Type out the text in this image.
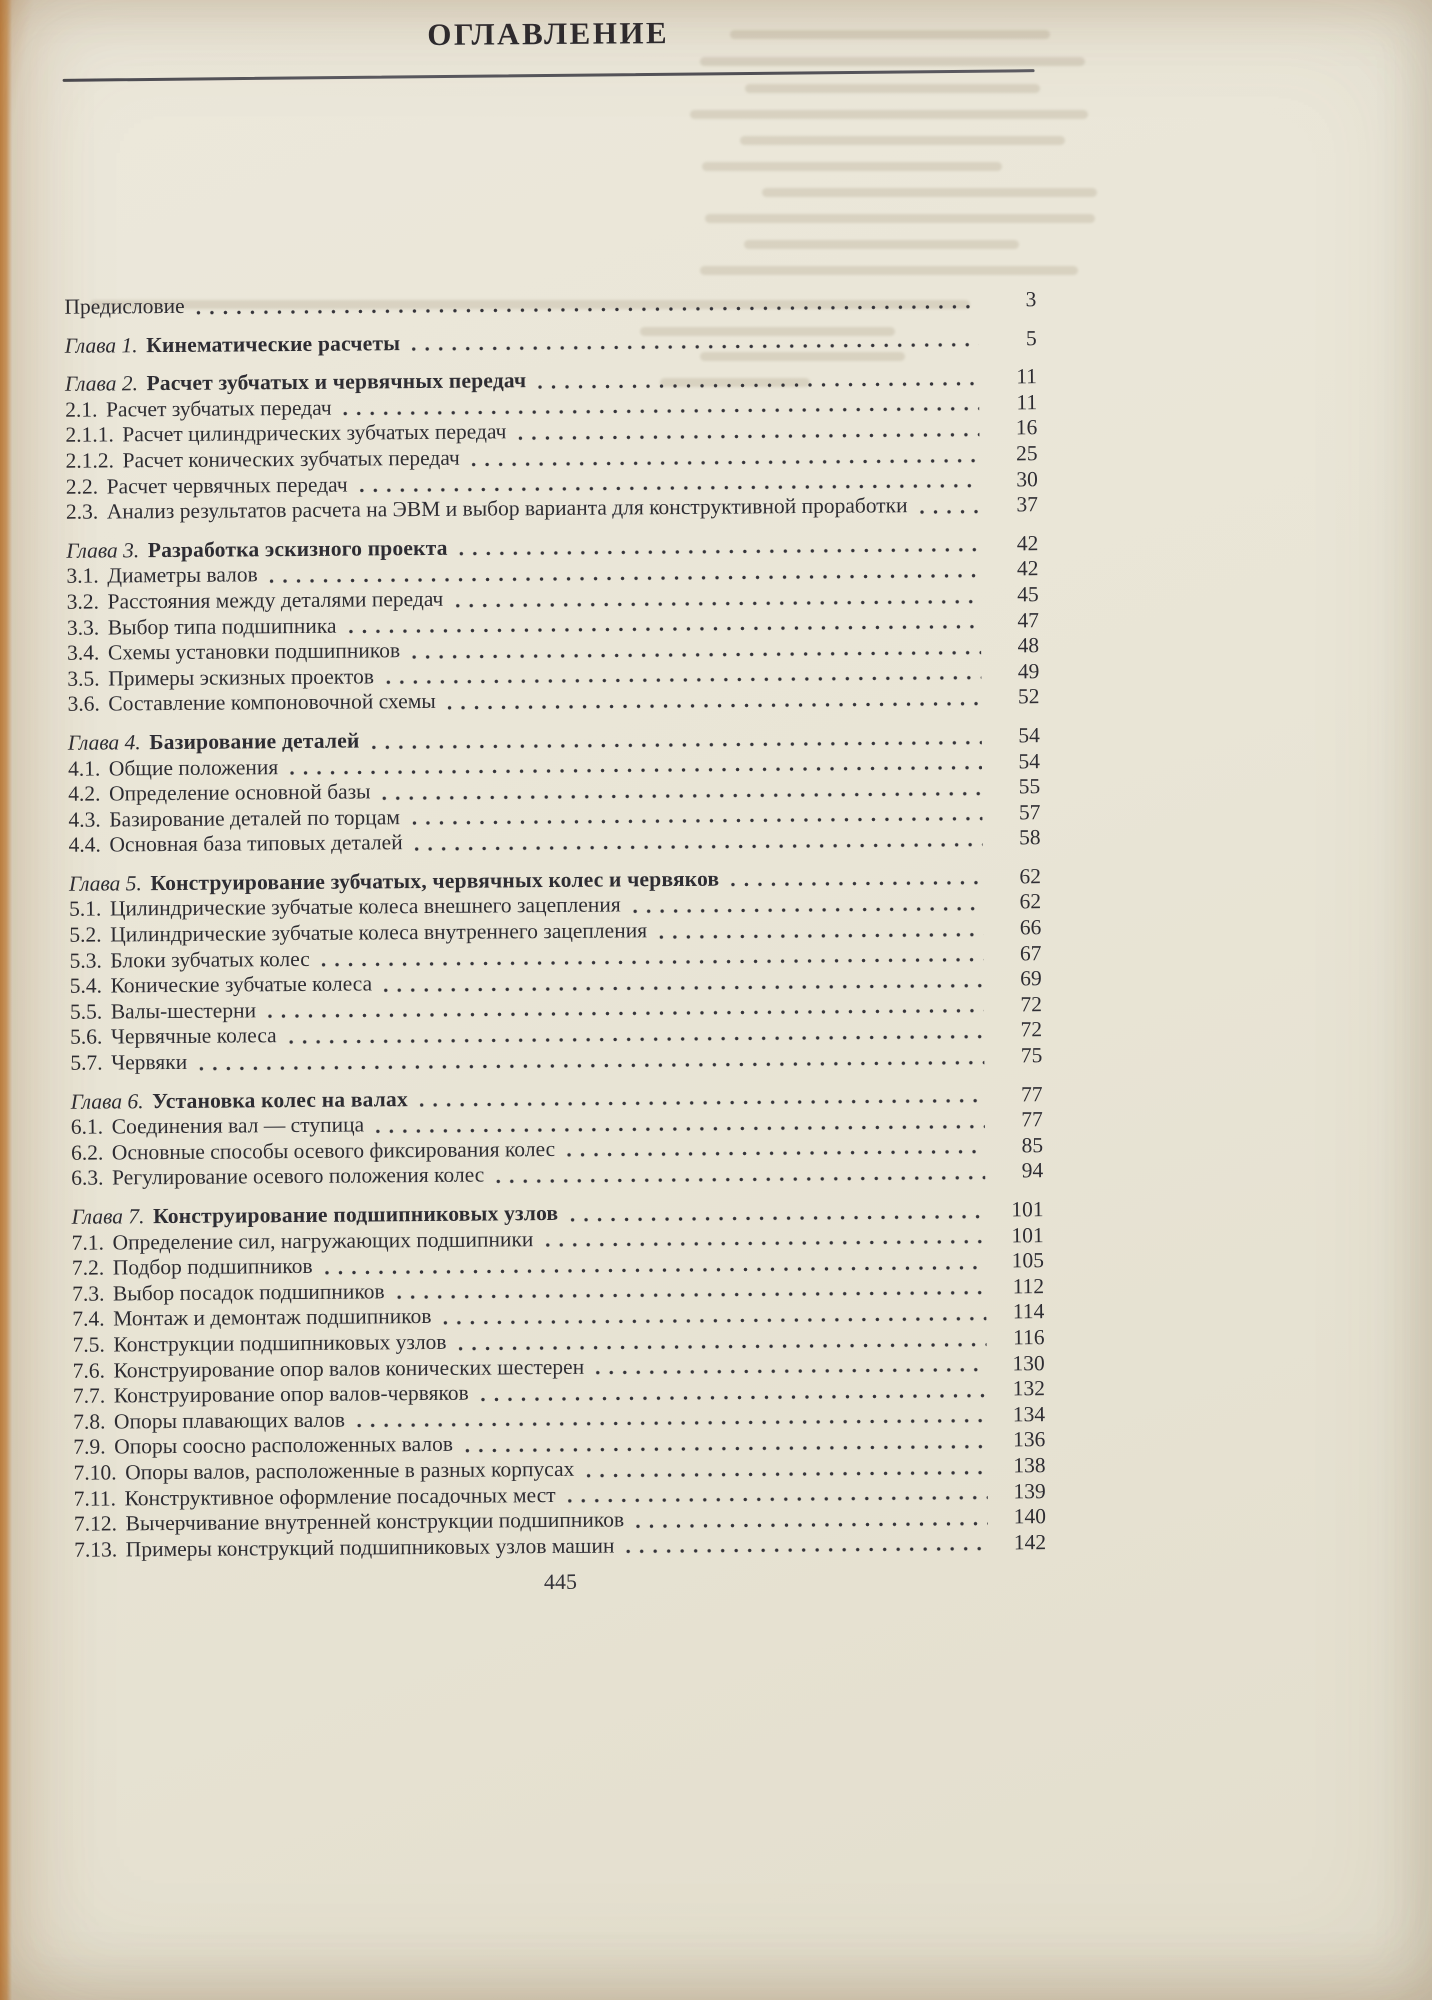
ОГЛАВЛЕНИЕ
Предисловие	3
Глава 1. Кинематические расчеты	5
Глава 2. Расчет зубчатых и червячных передач	11
2.1. Расчет зубчатых передач	11
2.1.1. Расчет цилиндрических зубчатых передач	16
2.1.2. Расчет конических зубчатых передач	25
2.2. Расчет червячных передач	30
2.3. Анализ результатов расчета на ЭВМ и выбор варианта для конструктивной проработки	37
Глава 3. Разработка эскизного проекта	42
3.1. Диаметры валов	42
3.2. Расстояния между деталями передач	45
3.3. Выбор типа подшипника	47
3.4. Схемы установки подшипников	48
3.5. Примеры эскизных проектов	49
3.6. Составление компоновочной схемы	52
Глава 4. Базирование деталей	54
4.1. Общие положения	54
4.2. Определение основной базы	55
4.3. Базирование деталей по торцам	57
4.4. Основная база типовых деталей	58
Глава 5. Конструирование зубчатых, червячных колес и червяков	62
5.1. Цилиндрические зубчатые колеса внешнего зацепления	62
5.2. Цилиндрические зубчатые колеса внутреннего зацепления	66
5.3. Блоки зубчатых колес	67
5.4. Конические зубчатые колеса	69
5.5. Валы-шестерни	72
5.6. Червячные колеса	72
5.7. Червяки	75
Глава 6. Установка колес на валах	77
6.1. Соединения вал — ступица	77
6.2. Основные способы осевого фиксирования колес	85
6.3. Регулирование осевого положения колес	94
Глава 7. Конструирование подшипниковых узлов	101
7.1. Определение сил, нагружающих подшипники	101
7.2. Подбор подшипников	105
7.3. Выбор посадок подшипников	112
7.4. Монтаж и демонтаж подшипников	114
7.5. Конструкции подшипниковых узлов	116
7.6. Конструирование опор валов конических шестерен	130
7.7. Конструирование опор валов-червяков	132
7.8. Опоры плавающих валов	134
7.9. Опоры соосно расположенных валов	136
7.10. Опоры валов, расположенные в разных корпусах	138
7.11. Конструктивное оформление посадочных мест	139
7.12. Вычерчивание внутренней конструкции подшипников	140
7.13. Примеры конструкций подшипниковых узлов машин	142
445
